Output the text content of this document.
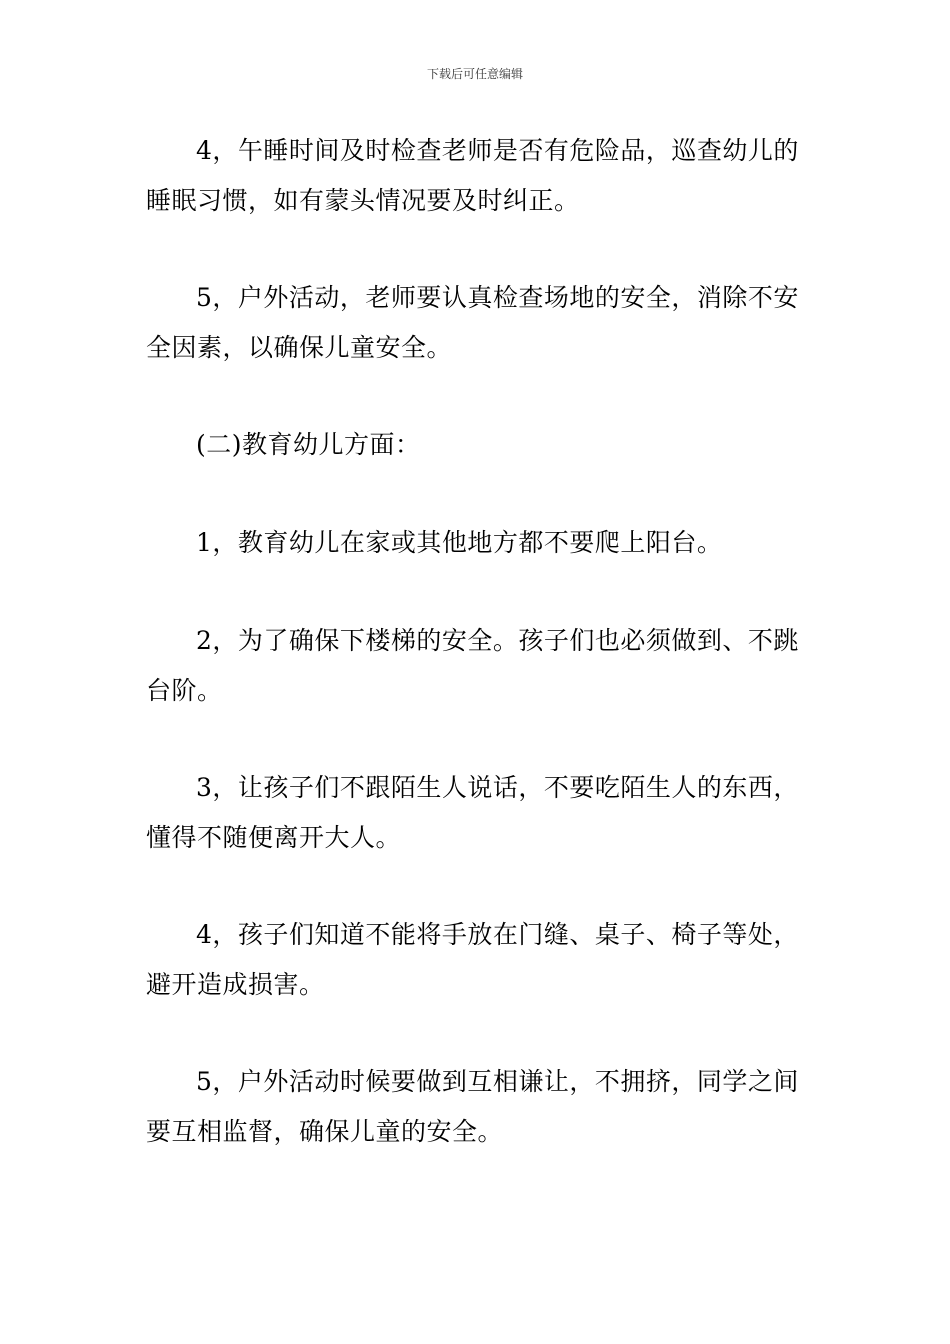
下载后可任意编辑

4，午睡时间及时检查老师是否有危险品，巡查幼儿的睡眠习惯，如有蒙头情况要及时纠正。

5，户外活动，老师要认真检查场地的安全，消除不安全因素，以确保儿童安全。

(二)教育幼儿方面：

1，教育幼儿在家或其他地方都不要爬上阳台。

2，为了确保下楼梯的安全。孩子们也必须做到、不跳台阶。

3，让孩子们不跟陌生人说话，不要吃陌生人的东西，懂得不随便离开大人。

4，孩子们知道不能将手放在门缝、桌子、椅子等处，避开造成损害。

5，户外活动时候要做到互相谦让，不拥挤，同学之间要互相监督，确保儿童的安全。
